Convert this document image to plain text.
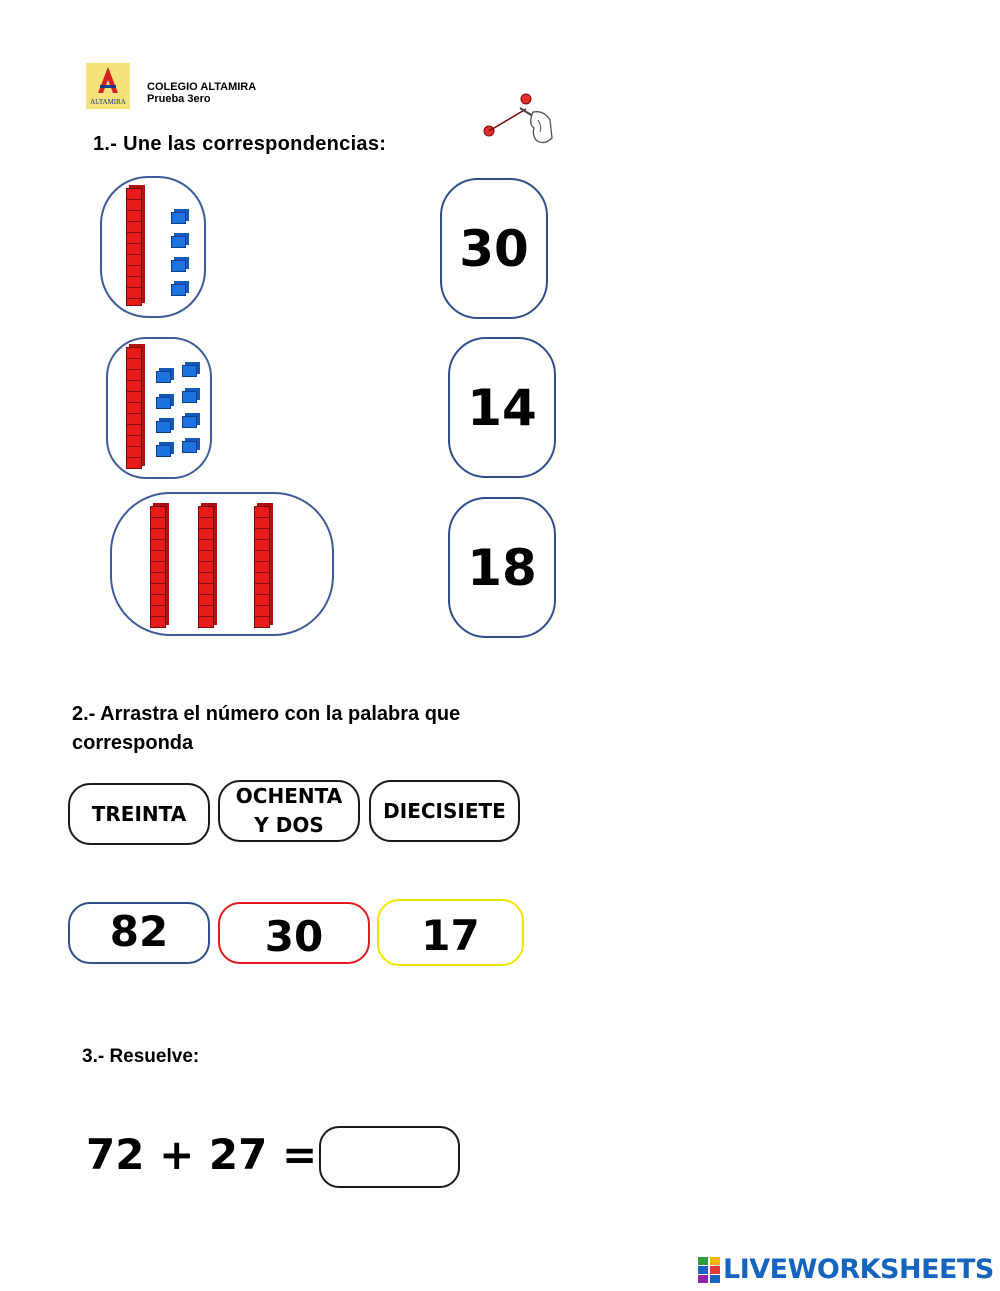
ALTAMIRA
COLEGIO ALTAMIRA
Prueba 3ero
1.- Une las correspondencias:
30
14
18
2.- Arrastra el número con la palabra que corresponda
TREINTA
OCHENTA Y DOS
DIECISIETE
82	30	17
3.- Resuelve:
72 + 27 =
LIVEWORKSHEETS
